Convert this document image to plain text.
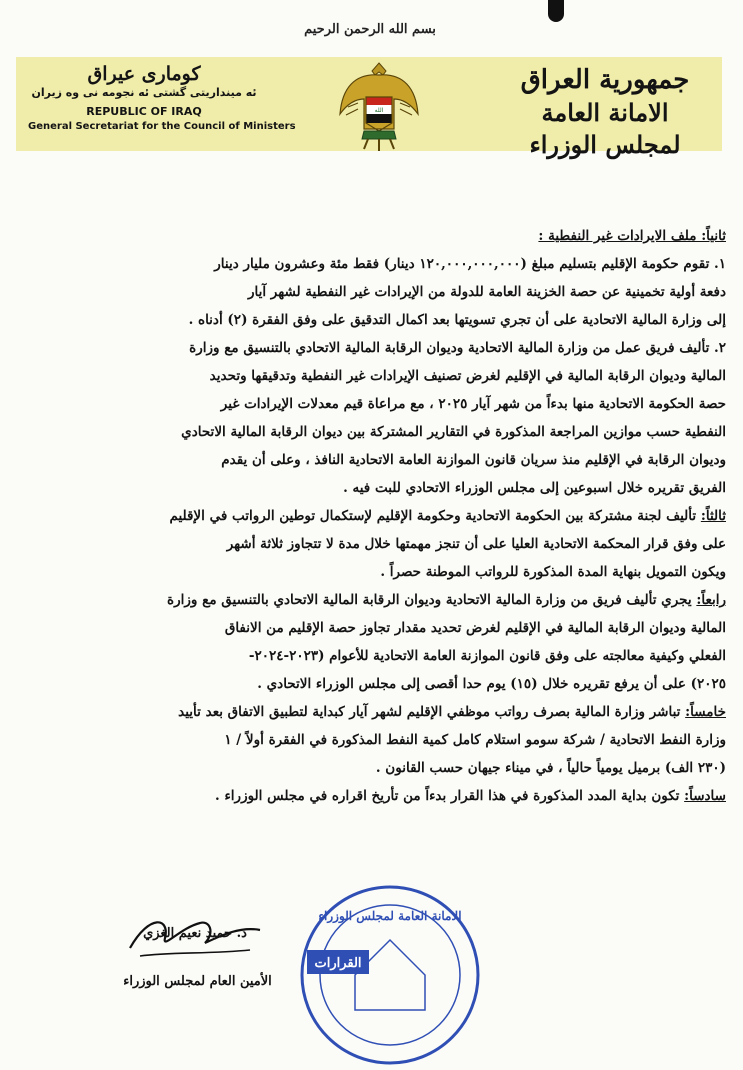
بسم الله الرحمن الرحيم
جمهورية العراق
الامانة العامة لمجلس الوزراء
الله
كومارى عيراق
ئه مينداريتى گشتى ئه نجومه نى وه زيران
REPUBLIC OF IRAQ
General Secretariat for the Council of Ministers
ثانياً: ملف الايرادات غير النفطية :
١. تقوم حكومة الإقليم بتسليم مبلغ (١٢٠,٠٠٠,٠٠٠,٠٠٠ دينار) فقط مئة وعشرون مليار دينار
دفعة أولية تخمينية عن حصة الخزينة العامة للدولة من الإيرادات غير النفطية لشهر آيار
إلى وزارة المالية الاتحادية على أن تجري تسويتها بعد اكمال التدقيق على وفق الفقرة (٢) أدناه .
٢. تأليف فريق عمل من وزارة المالية الاتحادية وديوان الرقابة المالية الاتحادي بالتنسيق مع وزارة
المالية وديوان الرقابة المالية في الإقليم لغرض تصنيف الإيرادات غير النفطية وتدقيقها وتحديد
حصة الحكومة الاتحادية منها بدءاً من شهر آيار ٢٠٢٥ ، مع مراعاة قيم معدلات الإيرادات غير
النفطية حسب موازين المراجعة المذكورة في التقارير المشتركة بين ديوان الرقابة المالية الاتحادي
وديوان الرقابة في الإقليم منذ سريان قانون الموازنة العامة الاتحادية النافذ ، وعلى أن يقدم
الفريق تقريره خلال اسبوعين إلى مجلس الوزراء الاتحادي للبت فيه .
ثالثاً: تأليف لجنة مشتركة بين الحكومة الاتحادية وحكومة الإقليم لإستكمال توطين الرواتب في الإقليم
على وفق قرار المحكمة الاتحادية العليا على أن تنجز مهمتها خلال مدة لا تتجاوز ثلاثة أشهر
ويكون التمويل بنهاية المدة المذكورة للرواتب الموطنة حصراً .
رابعاً: يجري تأليف فريق من وزارة المالية الاتحادية وديوان الرقابة المالية الاتحادي بالتنسيق مع وزارة
المالية وديوان الرقابة المالية في الإقليم لغرض تحديد مقدار تجاوز حصة الإقليم من الانفاق
الفعلي وكيفية معالجته على وفق قانون الموازنة العامة الاتحادية للأعوام (٢٠٢٣-٢٠٢٤-
٢٠٢٥) على أن يرفع تقريره خلال (١٥) يوم حدا أقصى إلى مجلس الوزراء الاتحادي .
خامساً: تباشر وزارة المالية بصرف رواتب موظفي الإقليم لشهر آيار كبداية لتطبيق الاتفاق بعد تأييد
وزارة النفط الاتحادية / شركة سومو استلام كامل كمية النفط المذكورة في الفقرة أولاً / ١
(٢٣٠ الف) برميل يومياً حالياً ، في ميناء جيهان حسب القانون .
سادساً: تكون بداية المدد المذكورة في هذا القرار بدءاً من تأريخ اقراره في مجلس الوزراء .
د. حميد نعيم الغزي
الأمين العام لمجلس الوزراء
الامانة العامة لمجلس الوزراء
القرارات
